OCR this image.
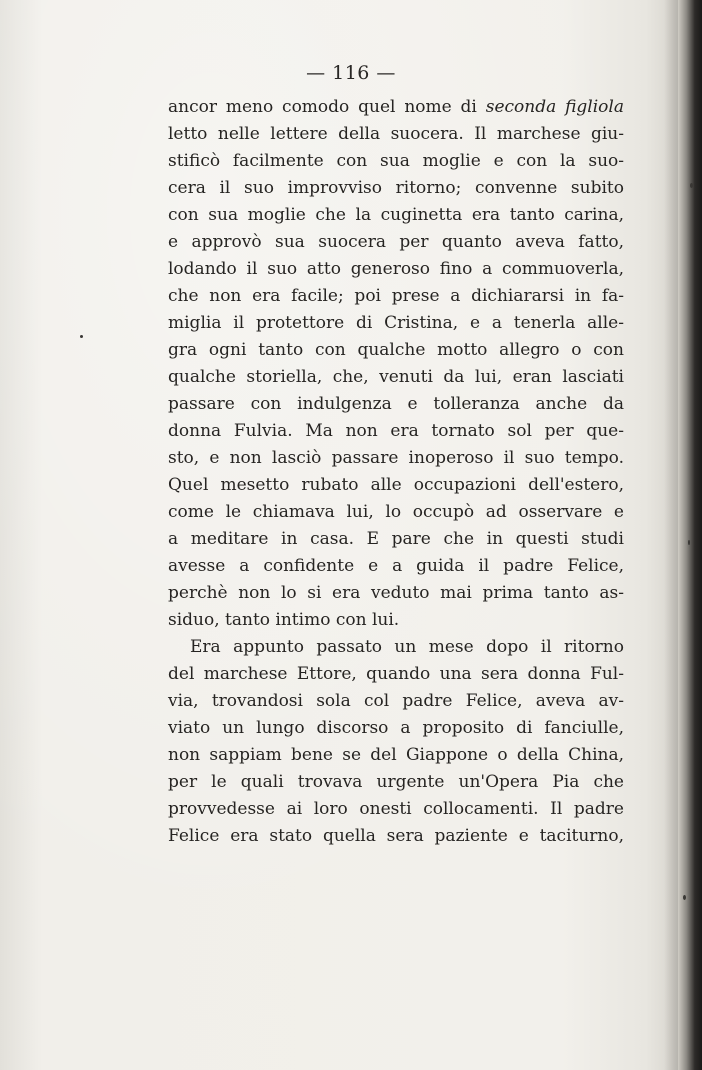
— 116 —
ancor meno comodo quel nome di seconda figliola
letto nelle lettere della suocera. Il marchese giu-
stificò facilmente con sua moglie e con la suo-
cera il suo improvviso ritorno; convenne subito
con sua moglie che la cuginetta era tanto carina,
e approvò sua suocera per quanto aveva fatto,
lodando il suo atto generoso fino a commuoverla,
che non era facile; poi prese a dichiararsi in fa-
miglia il protettore di Cristina, e a tenerla alle-
gra ogni tanto con qualche motto allegro o con
qualche storiella, che, venuti da lui, eran lasciati
passare con indulgenza e tolleranza anche da
donna Fulvia. Ma non era tornato sol per que-
sto, e non lasciò passare inoperoso il suo tempo.
Quel mesetto rubato alle occupazioni dell'estero,
come le chiamava lui, lo occupò ad osservare e
a meditare in casa. E pare che in questi studi
avesse a confidente e a guida il padre Felice,
perchè non lo si era veduto mai prima tanto as-
siduo, tanto intimo con lui.
Era appunto passato un mese dopo il ritorno
del marchese Ettore, quando una sera donna Ful-
via, trovandosi sola col padre Felice, aveva av-
viato un lungo discorso a proposito di fanciulle,
non sappiam bene se del Giappone o della China,
per le quali trovava urgente un'Opera Pia che
provvedesse ai loro onesti collocamenti. Il padre
Felice era stato quella sera paziente e taciturno,
